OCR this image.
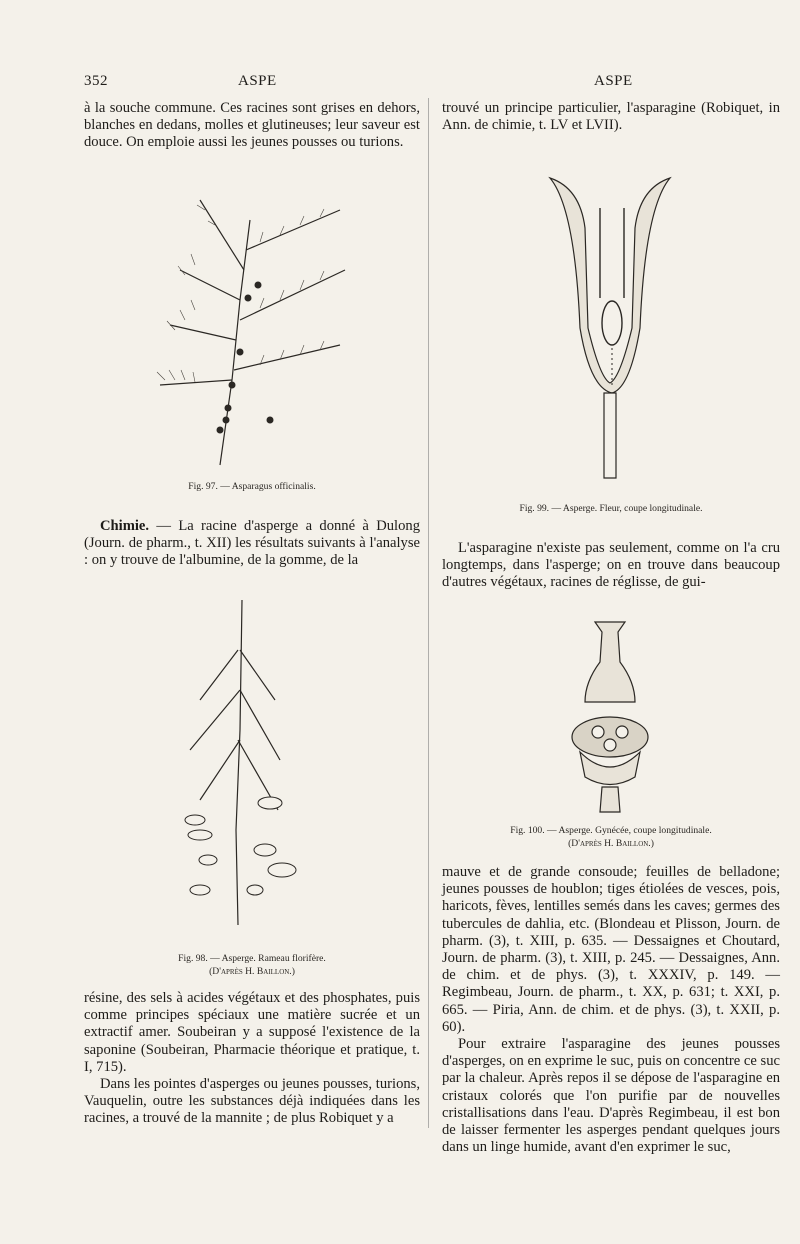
352	ASPE	ASPE

à la souche commune. Ces racines sont grises en dehors, blanches en dedans, molles et glutineuses; leur saveur est douce. On emploie aussi les jeunes pousses ou turions.

Fig. 97. — Asparagus officinalis.

Chimie. — La racine d'asperge a donné à Dulong (Journ. de pharm., t. XII) les résultats suivants à l'analyse : on y trouve de l'albumine, de la gomme, de la

Fig. 98. — Asperge. Rameau florifère.
(D'après H. Baillon.)

résine, des sels à acides végétaux et des phosphates, puis comme principes spéciaux une matière sucrée et un extractif amer. Soubeiran y a supposé l'existence de la saponine (Soubeiran, Pharmacie théorique et pratique, t. I, 715).

Dans les pointes d'asperges ou jeunes pousses, turions, Vauquelin, outre les substances déjà indiquées dans les racines, a trouvé de la mannite ; de plus Robiquet y a

trouvé un principe particulier, l'asparagine (Robiquet, in Ann. de chimie, t. LV et LVII).

Fig. 99. — Asperge. Fleur, coupe longitudinale.

L'asparagine n'existe pas seulement, comme on l'a cru longtemps, dans l'asperge; on en trouve dans beaucoup d'autres végétaux, racines de réglisse, de gui-

Fig. 100. — Asperge. Gynécée, coupe longitudinale.
(D'après H. Baillon.)

mauve et de grande consoude; feuilles de belladone; jeunes pousses de houblon; tiges étiolées de vesces, pois, haricots, fèves, lentilles semés dans les caves; germes des tubercules de dahlia, etc. (Blondeau et Plisson, Journ. de pharm. (3), t. XIII, p. 635. — Dessaignes et Choutard, Journ. de pharm. (3), t. XIII, p. 245. — Dessaignes, Ann. de chim. et de phys. (3), t. XXXIV, p. 149. — Regimbeau, Journ. de pharm., t. XX, p. 631; t. XXI, p. 665. — Piria, Ann. de chim. et de phys. (3), t. XXII, p. 60).

Pour extraire l'asparagine des jeunes pousses d'asperges, on en exprime le suc, puis on concentre ce suc par la chaleur. Après repos il se dépose de l'asparagine en cristaux colorés que l'on purifie par de nouvelles cristallisations dans l'eau. D'après Regimbeau, il est bon de laisser fermenter les asperges pendant quelques jours dans un linge humide, avant d'en exprimer le suc,
